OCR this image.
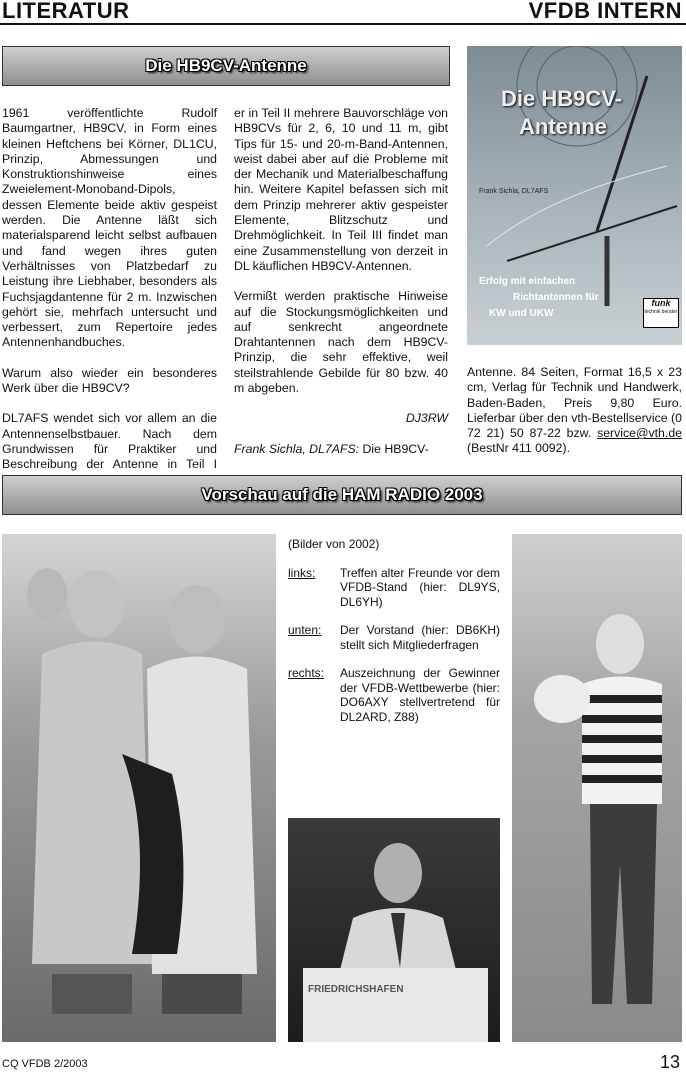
LITERATUR	VFDB INTERN
Die HB9CV-Antenne

1961 veröffentlichte Rudolf Baumgartner, HB9CV, in Form eines kleinen Heftchens bei Körner, DL1CU, Prinzip, Abmessungen und Konstruktionshinweise eines Zweielement-Monoband-Dipols, dessen Elemente beide aktiv gespeist werden. Die Antenne läßt sich materialsparend leicht selbst aufbauen und fand wegen ihres guten Verhältnisses von Platzbedarf zu Leistung ihre Liebhaber, besonders als Fuchsjagdantenne für 2 m. Inzwischen gehört sie, mehrfach untersucht und verbessert, zum Repertoire jedes Antennenhandbuches.

Warum also wieder ein besonderes Werk über die HB9CV?

DL7AFS wendet sich vor allem an die Antennenselbstbauer. Nach dem Grundwissen für Praktiker und Beschreibung der Antenne in Teil I

er in Teil II mehrere Bauvorschläge von HB9CVs für 2, 6, 10 und 11 m, gibt Tips für 15- und 20-m-Band-Antennen, weist dabei aber auf die Probleme mit der Mechanik und Materialbeschaffung hin. Weitere Kapitel befassen sich mit dem Prinzip mehrerer aktiv gespeister Elemente, Blitzschutz und Drehmöglichkeit. In Teil III findet man eine Zusammenstellung von derzeit in DL käuflichen HB9CV-Antennen.

Vermißt werden praktische Hinweise auf die Stockungsmöglichkeiten und auf senkrecht angeordnete Drahtantennen nach dem HB9CV-Prinzip, die sehr effektive, weil steilstrahlende Gebilde für 80 bzw. 40 m abgeben.

DJ3RW

Frank Sichla, DL7AFS: Die HB9CV-

Die HB9CV-
Antenne
Frank Sichla, DL7AFS
Erfolg mit einfachen
Richtantennen für
KW und UKW
funk
technik berater

Antenne. 84 Seiten, Format 16,5 x 23 cm, Verlag für Technik und Handwerk, Baden-Baden, Preis 9,80 Euro. Lieferbar über den vth-Bestellservice (0 72 21) 50 87-22 bzw. service@vth.de (BestNr 411 0092).

Vorschau auf die HAM RADIO 2003
(Bilder von 2002)
links:	Treffen alter Freunde vor dem VFDB-Stand (hier: DL9YS, DL6YH)
unten:	Der Vorstand (hier: DB6KH) stellt sich Mitgliederfragen
rechts:	Auszeichnung der Gewinner der VFDB-Wettbewerbe (hier: DO6AXY stellvertretend für DL2ARD, Z88)
FRIEDRICHSHAFEN
CQ VFDB 2/2003	13
